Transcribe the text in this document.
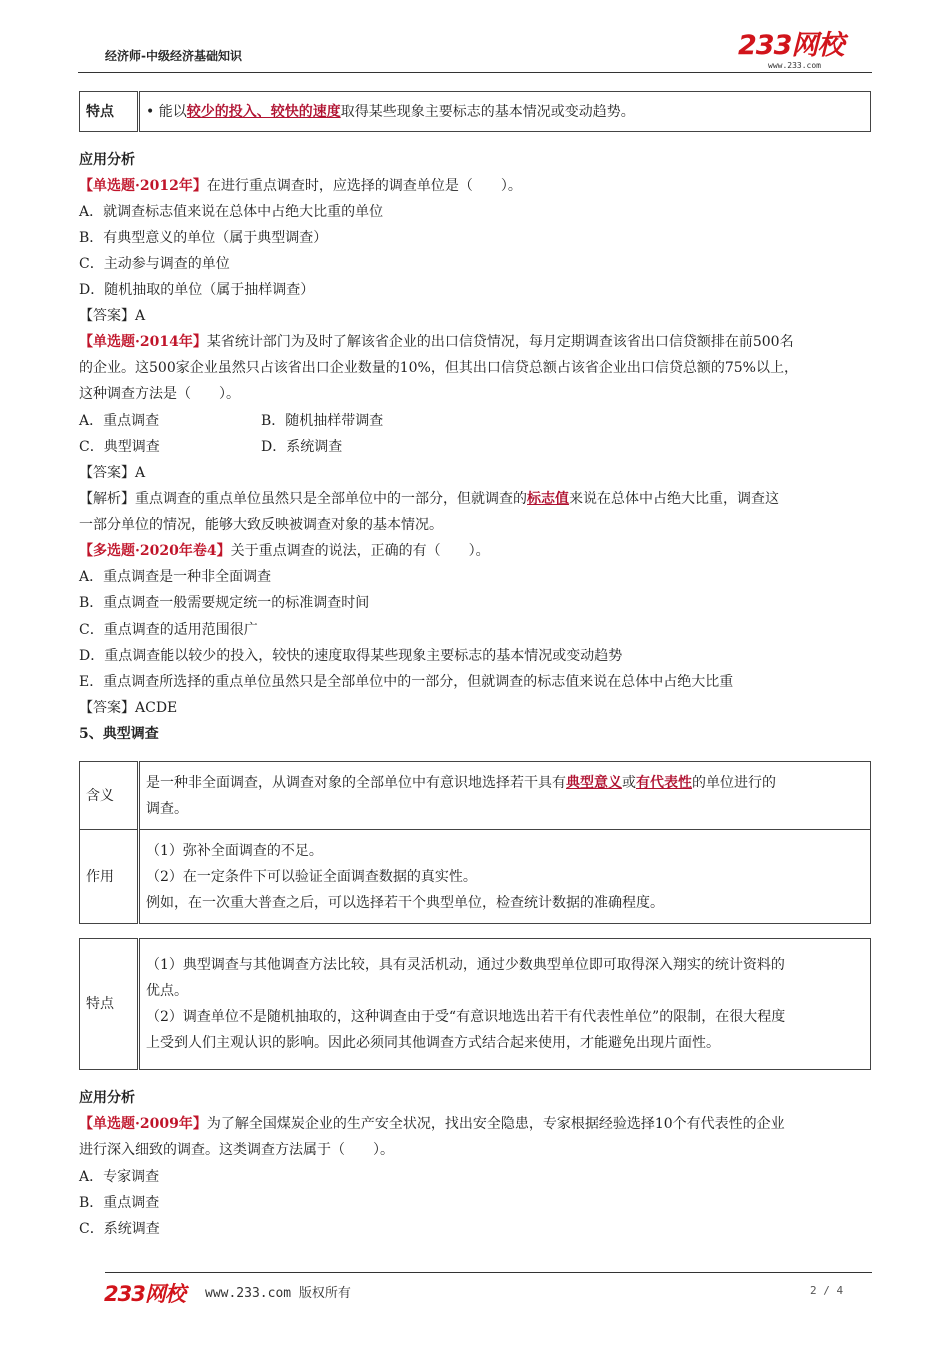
经济师-中级经济基础知识	233网校
www.233.com
特点	• 能以较少的投入、较快的速度取得某些现象主要标志的基本情况或变动趋势。
应用分析
【单选题·2012年】在进行重点调查时，应选择的调查单位是（　　）。
A．就调查标志值来说在总体中占绝大比重的单位
B．有典型意义的单位（属于典型调查）
C．主动参与调查的单位
D．随机抽取的单位（属于抽样调查）
【答案】A
【单选题·2014年】某省统计部门为及时了解该省企业的出口信贷情况，每月定期调查该省出口信贷额排在前500名
的企业。这500家企业虽然只占该省出口企业数量的10%，但其出口信贷总额占该省企业出口信贷总额的75%以上，
这种调查方法是（　　）。
A．重点调查	B．随机抽样带调查
C．典型调查	D．系统调查
【答案】A
【解析】重点调查的重点单位虽然只是全部单位中的一部分，但就调查的标志值来说在总体中占绝大比重，调查这
一部分单位的情况，能够大致反映被调查对象的基本情况。
【多选题·2020年卷4】关于重点调查的说法，正确的有（　　）。
A．重点调查是一种非全面调查
B．重点调查一般需要规定统一的标准调查时间
C．重点调查的适用范围很广
D．重点调查能以较少的投入，较快的速度取得某些现象主要标志的基本情况或变动趋势
E．重点调查所选择的重点单位虽然只是全部单位中的一部分，但就调查的标志值来说在总体中占绝大比重
【答案】ACDE
5、典型调查
含义	是一种非全面调查，从调查对象的全部单位中有意识地选择若干具有典型意义或有代表性的单位进行的
调查。

作用	（1）弥补全面调查的不足。
（2）在一定条件下可以验证全面调查数据的真实性。
例如，在一次重大普查之后，可以选择若干个典型单位，检查统计数据的准确程度。
特点	
（1）典型调查与其他调查方法比较，具有灵活机动，通过少数典型单位即可取得深入翔实的统计资料的
优点。
（2）调查单位不是随机抽取的，这种调查由于受“有意识地选出若干有代表性单位”的限制，在很大程度
上受到人们主观认识的影响。因此必须同其他调查方式结合起来使用，才能避免出现片面性。
应用分析
【单选题·2009年】为了解全国煤炭企业的生产安全状况，找出安全隐患，专家根据经验选择10个有代表性的企业
进行深入细致的调查。这类调查方法属于（　　）。
A．专家调查
B．重点调查
C．系统调查
233网校 www.233.com 版权所有	2 / 4
